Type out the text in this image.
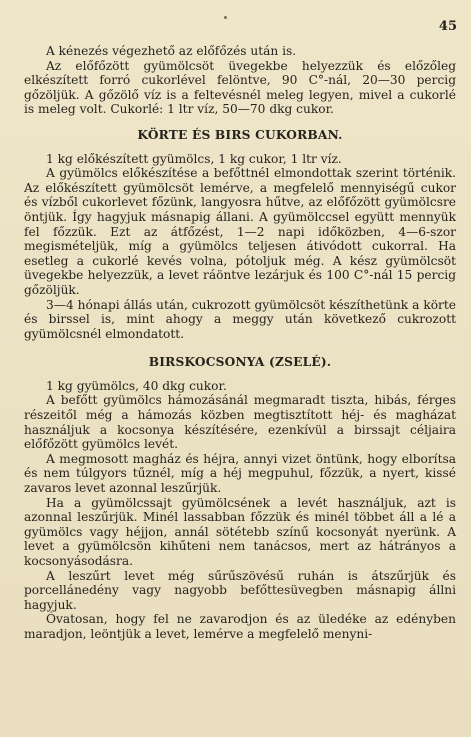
45

A kénezés végezhető az előfőzés után is.

Az előfőzött gyümölcsöt üvegekbe helyezzük és előzőleg elkészített forró cukorlével felöntve, 90 C°-nál, 20—30 percig gőzöljük. A gőzölő víz is a feltevésnél meleg legyen, mivel a cukorlé is meleg volt. Cukorlé: 1 ltr víz, 50—70 dkg cukor.

KÖRTE ÉS BIRS CUKORBAN.

1 kg előkészített gyümölcs, 1 kg cukor, 1 ltr víz.

A gyümölcs előkészítése a befőttnél elmondottak szerint történik. Az előkészített gyümölcsöt lemérve, a megfelelő mennyiségű cukor és vízből cukorlevet főzünk, langyosra hűtve, az előfőzött gyümölcsre öntjük. Így hagyjuk másnapig állani. A gyümölccsel együtt mennyük fel főzzük. Ezt az átfőzést, 1—2 napi időközben, 4—6-szor megismételjük, míg a gyümölcs teljesen átivódott cukorral. Ha esetleg a cukorlé kevés volna, pótoljuk még. A kész gyümölcsöt üvegekbe helyezzük, a levet ráöntve lezárjuk és 100 C°-nál 15 percig gőzöljük.

3—4 hónapi állás után, cukrozott gyümölcsöt készíthetünk a körte és birssel is, mint ahogy a meggy után következő cukrozott gyümölcsnél elmondatott.

BIRSKOCSONYA (ZSELÉ).

1 kg gyümölcs, 40 dkg cukor.

A befőtt gyümölcs hámozásánál megmaradt tiszta, hibás, férges részeitől még a hámozás közben megtisztított héj- és magházat használjuk a kocsonya készítésére, ezenkívül a birssajt céljaira előfőzött gyümölcs levét.

A megmosott magház és héjra, annyi vizet öntünk, hogy elborítsa és nem túlgyors tűznél, míg a héj megpuhul, főzzük, a nyert, kissé zavaros levet azonnal leszűrjük.

Ha a gyümölcssajt gyümölcsének a levét használjuk, azt is azonnal leszűrjük. Minél lassabban főzzük és minél többet áll a lé a gyümölcs vagy héjjon, annál sötétebb színű kocsonyát nyerünk. A levet a gyümölcsön kihűteni nem tanácsos, mert az hátrányos a kocsonyásodásra.

A leszűrt levet még sűrűszövésű ruhán is átszűrjük és porcellánedény vagy nagyobb befőttesüvegben másnapig állni hagyjuk.

Óvatosan, hogy fel ne zavarodjon és az üledéke az edényben maradjon, leöntjük a levet, lemérve a megfelelő menyni-
